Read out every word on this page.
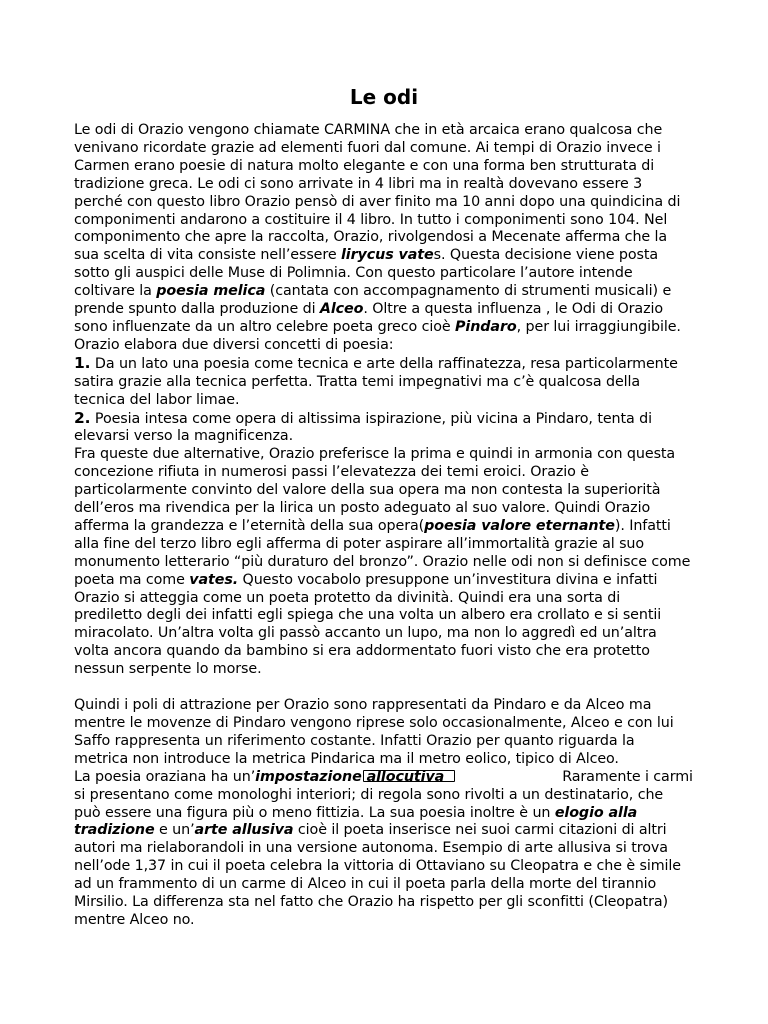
Le odi

Le odi di Orazio vengono chiamate CARMINA che in età arcaica erano qualcosa che

venivano ricordate grazie ad elementi fuori dal comune. Ai tempi di Orazio invece i

Carmen erano poesie di natura molto elegante e con una forma ben strutturata di

tradizione greca. Le odi ci sono arrivate in 4 libri ma in realtà dovevano essere 3

perché con questo libro Orazio pensò di aver finito ma 10 anni dopo una quindicina di

componimenti andarono a costituire il 4 libro. In tutto i componimenti sono 104. Nel

componimento che apre la raccolta, Orazio, rivolgendosi a Mecenate afferma che la

sua scelta di vita consiste nell’essere lirycus vates. Questa decisione viene posta

sotto gli auspici delle Muse di Polimnia. Con questo particolare l’autore intende

coltivare la poesia melica (cantata con accompagnamento di strumenti musicali) e

prende spunto dalla produzione di Alceo. Oltre a questa influenza , le Odi di Orazio

sono influenzate da un altro celebre poeta greco cioè Pindaro, per lui irraggiungibile.

Orazio elabora due diversi concetti di poesia:

1. Da un lato una poesia come tecnica e arte della raffinatezza, resa particolarmente

satira grazie alla tecnica perfetta. Tratta temi impegnativi ma c’è qualcosa della

tecnica del labor limae.

2. Poesia intesa come opera di altissima ispirazione, più vicina a Pindaro, tenta di

elevarsi verso la magnificenza.

Fra queste due alternative, Orazio preferisce la prima e quindi in armonia con questa

concezione rifiuta in numerosi passi l’elevatezza dei temi eroici. Orazio è

particolarmente convinto del valore della sua opera ma non contesta la superiorità

dell’eros ma rivendica per la lirica un posto adeguato al suo valore. Quindi Orazio

afferma la grandezza e l’eternità della sua opera(poesia valore eternante). Infatti

alla fine del terzo libro egli afferma di poter aspirare all’immortalità grazie al suo

monumento letterario “più duraturo del bronzo”. Orazio nelle odi non si definisce come

poeta ma come vates. Questo vocabolo presuppone un’investitura divina e infatti

Orazio si atteggia come un poeta protetto da divinità. Quindi era una sorta di

prediletto degli dei infatti egli spiega che una volta un albero era crollato e si sentii

miracolato. Un’altra volta gli passò accanto un lupo, ma non lo aggredì ed un’altra

volta ancora quando da bambino si era addormentato fuori visto che era protetto

nessun serpente lo morse.

Quindi i poli di attrazione per Orazio sono rappresentati da Pindaro e da Alceo ma

mentre le movenze di Pindaro vengono riprese solo occasionalmente, Alceo e con lui

Saffo rappresenta un riferimento costante. Infatti Orazio per quanto riguarda la

metrica non introduce la metrica Pindarica ma il metro eolico, tipico di Alceo.

La poesia oraziana ha un’impostazione allocutiva	Raramente i carmi

si presentano come monologhi interiori; di regola sono rivolti a un destinatario, che

può essere una figura più o meno fittizia. La sua poesia inoltre è un elogio alla

tradizione e un’arte allusiva cioè il poeta inserisce nei suoi carmi citazioni di altri

autori ma rielaborandoli in una versione autonoma. Esempio di arte allusiva si trova

nell’ode 1,37 in cui il poeta celebra la vittoria di Ottaviano su Cleopatra e che è simile

ad un frammento di un carme di Alceo in cui il poeta parla della morte del tirannio

Mirsilio. La differenza sta nel fatto che Orazio ha rispetto per gli sconfitti (Cleopatra)

mentre Alceo no.
